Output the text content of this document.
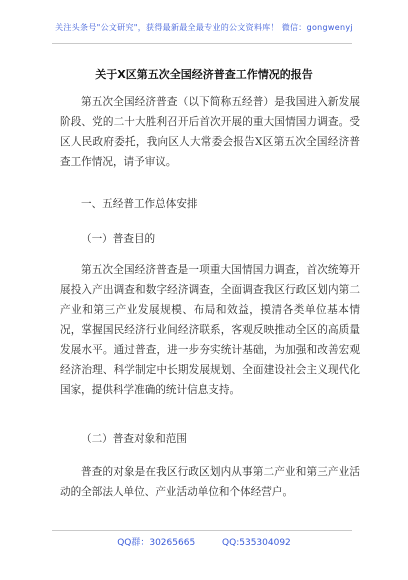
关注头条号"公文研究"，获得最新最全最专业的公文资料库！ 微信：gongwenyj
关于X区第五次全国经济普查工作情况的报告

第五次全国经济普查（以下简称五经普）是我国进入新发展阶段、党的二十大胜利召开后首次开展的重大国情国力调查。受区人民政府委托，我向区人大常委会报告X区第五次全国经济普查工作情况，请予审议。

一、五经普工作总体安排

（一）普查目的

第五次全国经济普查是一项重大国情国力调查，首次统筹开展投入产出调查和数字经济调查，全面调查我区行政区划内第二产业和第三产业发展规模、布局和效益，摸清各类单位基本情况，掌握国民经济行业间经济联系，客观反映推动全区的高质量发展水平。通过普查，进一步夯实统计基础，为加强和改善宏观经济治理、科学制定中长期发展规划、全面建设社会主义现代化国家，提供科学准确的统计信息支持。

（二）普查对象和范围

普查的对象是在我区行政区划内从事第二产业和第三产业活动的全部法人单位、产业活动单位和个体经营户。

QQ群：30265665	QQ:535304092
